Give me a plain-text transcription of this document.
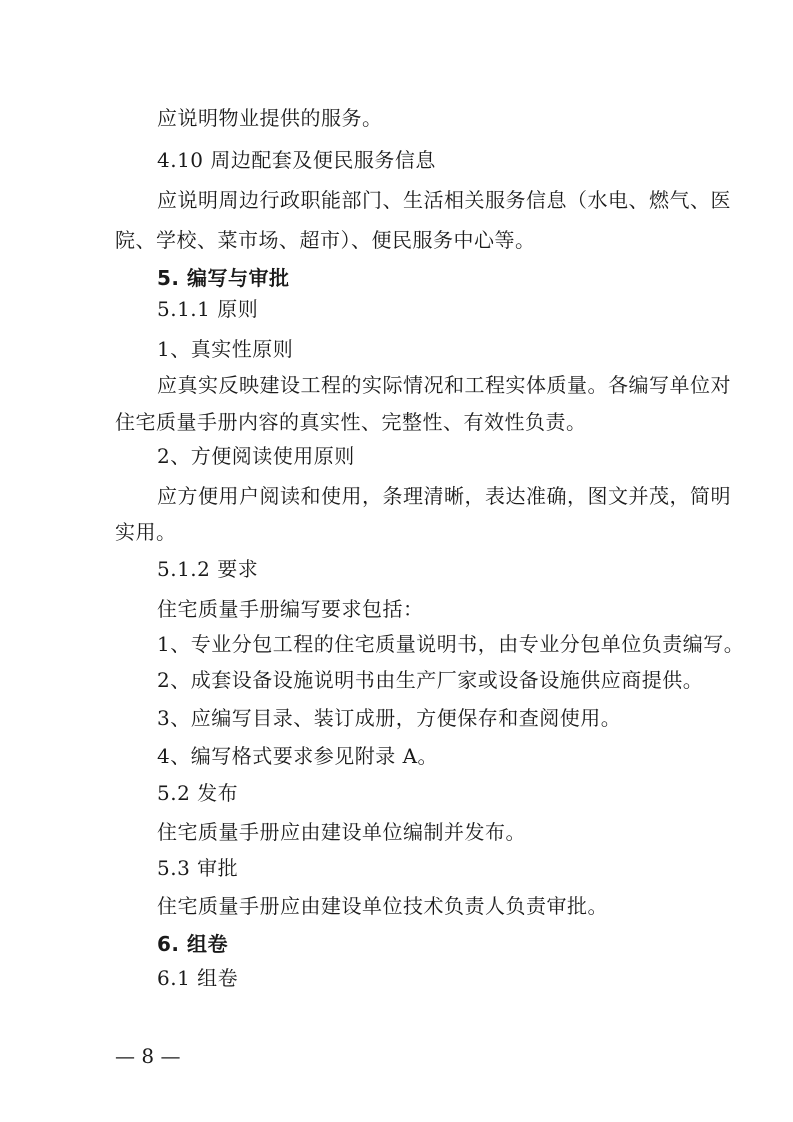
应说明物业提供的服务。
4.10 周边配套及便民服务信息
应说明周边行政职能部门、生活相关服务信息（水电、燃气、医
院、学校、菜市场、超市）、便民服务中心等。
5. 编写与审批
5.1.1 原则
1、真实性原则
应真实反映建设工程的实际情况和工程实体质量。各编写单位对
住宅质量手册内容的真实性、完整性、有效性负责。
2、方便阅读使用原则
应方便用户阅读和使用，条理清晰，表达准确，图文并茂，简明
实用。
5.1.2 要求
住宅质量手册编写要求包括：
1、专业分包工程的住宅质量说明书，由专业分包单位负责编写。
2、成套设备设施说明书由生产厂家或设备设施供应商提供。
3、应编写目录、装订成册，方便保存和查阅使用。
4、编写格式要求参见附录 A。
5.2 发布
住宅质量手册应由建设单位编制并发布。
5.3 审批
住宅质量手册应由建设单位技术负责人负责审批。
6. 组卷
6.1 组卷
— 8 —
